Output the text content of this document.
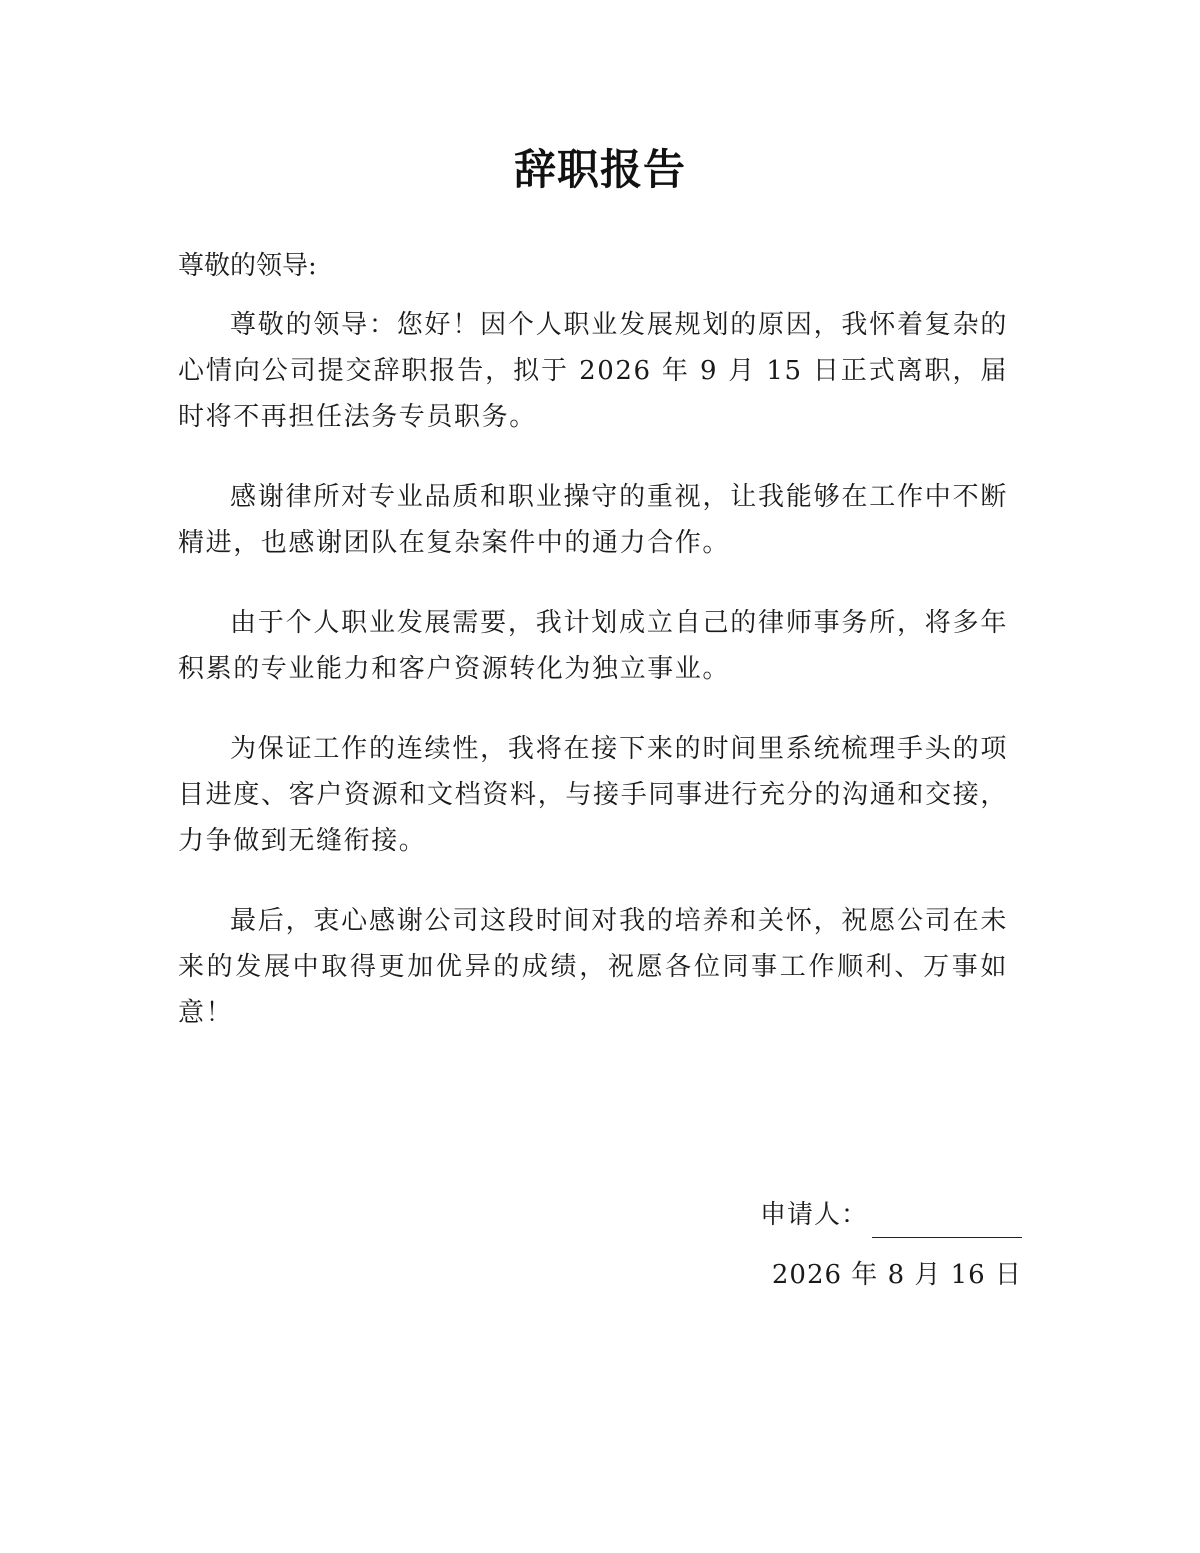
辞职报告
尊敬的领导:

尊敬的领导：您好！因个人职业发展规划的原因，我怀着复杂的心情向公司提交辞职报告，拟于 2026 年 9 月 15 日正式离职，届时将不再担任法务专员职务。

感谢律所对专业品质和职业操守的重视，让我能够在工作中不断精进，也感谢团队在复杂案件中的通力合作。

由于个人职业发展需要，我计划成立自己的律师事务所，将多年积累的专业能力和客户资源转化为独立事业。

为保证工作的连续性，我将在接下来的时间里系统梳理手头的项目进度、客户资源和文档资料，与接手同事进行充分的沟通和交接，力争做到无缝衔接。

最后，衷心感谢公司这段时间对我的培养和关怀，祝愿公司在未来的发展中取得更加优异的成绩，祝愿各位同事工作顺利、万事如意！

申请人：
2026 年 8 月 16 日
